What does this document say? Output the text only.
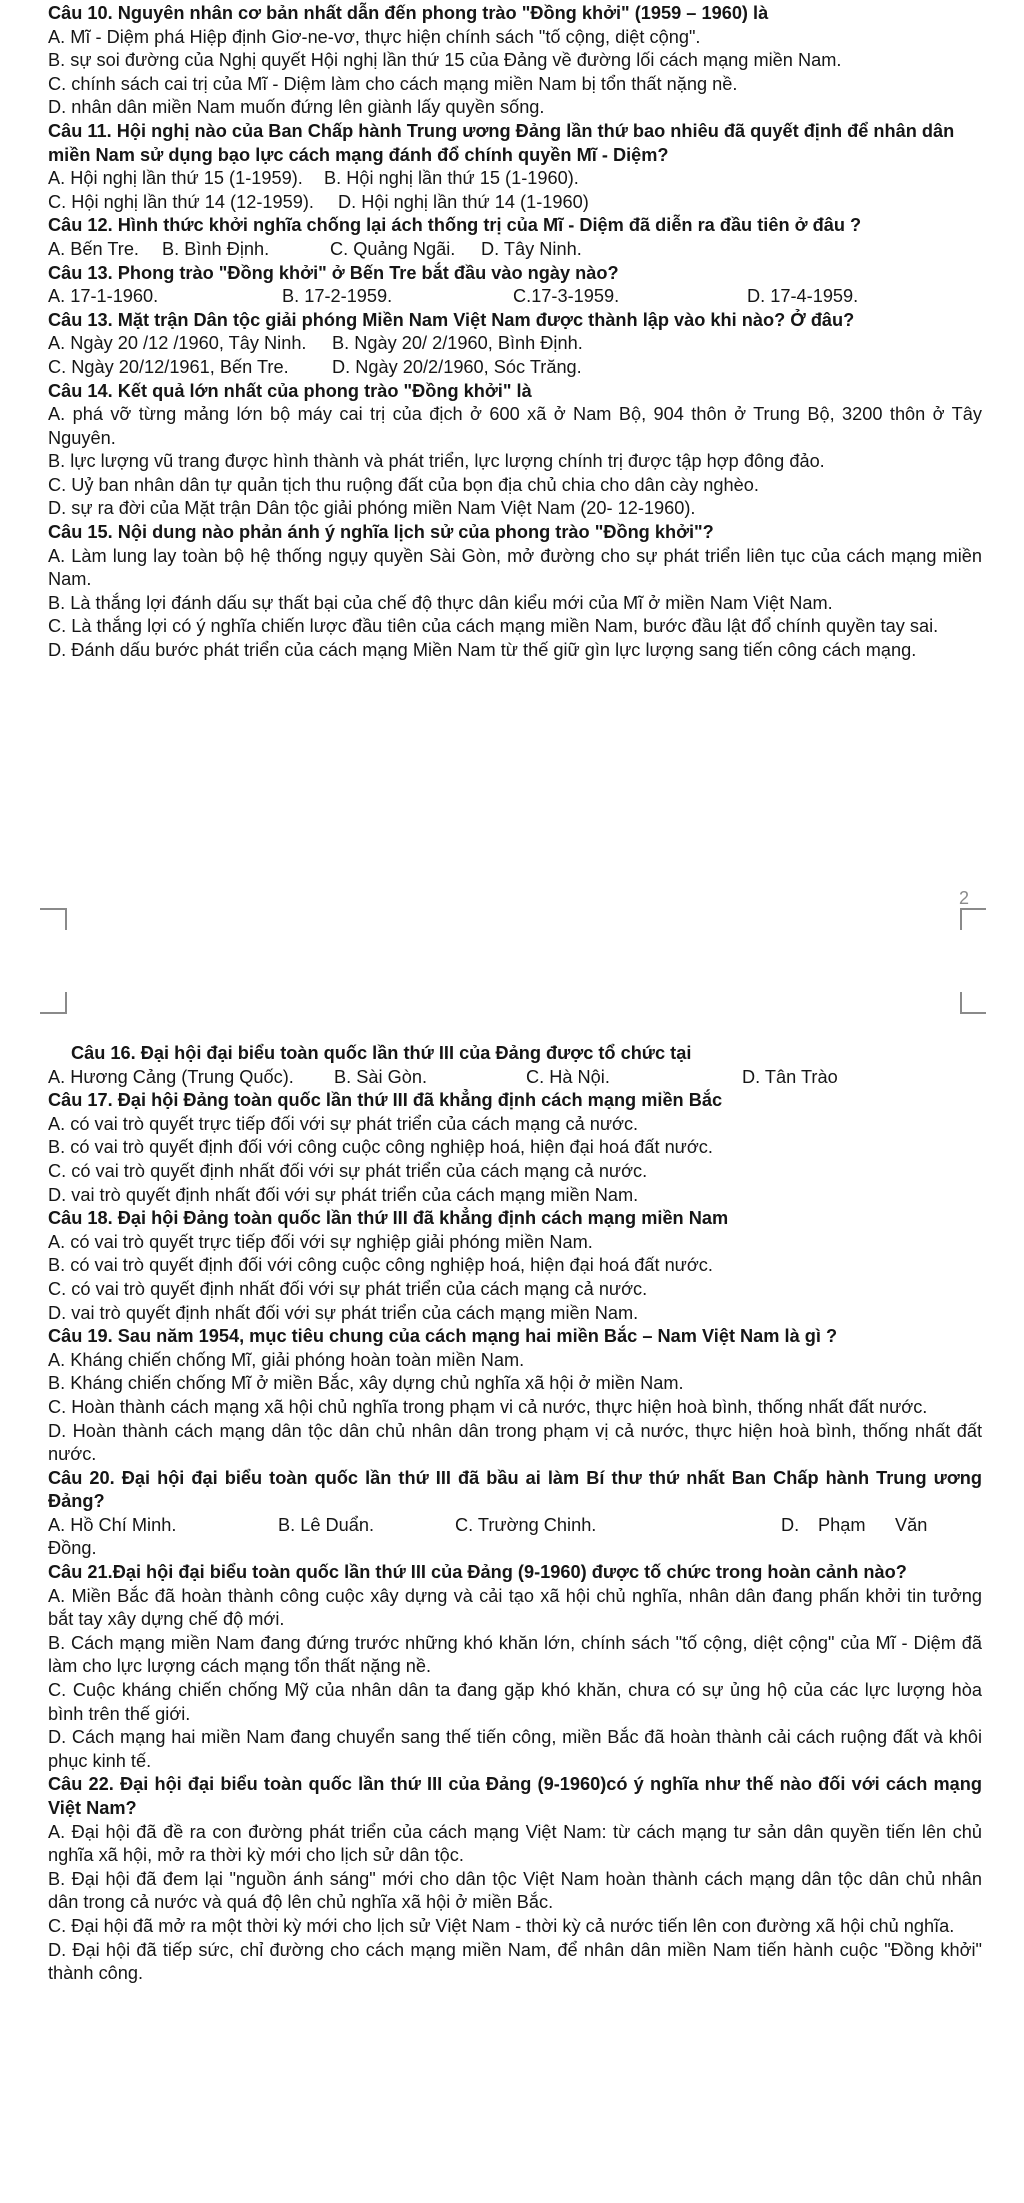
Câu 10. Nguyên nhân cơ bản nhất dẫn đến phong trào "Đồng khởi" (1959 – 1960) là

A. Mĩ - Diệm phá Hiệp định Giơ-ne-vơ, thực hiện chính sách "tố cộng, diệt cộng".

B. sự soi đường của Nghị quyết Hội nghị lần thứ 15 của Đảng về đường lối cách mạng miền Nam.

C. chính sách cai trị của Mĩ - Diệm làm cho cách mạng miền Nam bị tổn thất nặng nề.

D. nhân dân miền Nam muốn đứng lên giành lấy quyền sống.

Câu 11. Hội nghị nào của Ban Chấp hành Trung ương Đảng lần thứ bao nhiêu đã quyết định để nhân dân miền Nam sử dụng bạo lực cách mạng đánh đổ chính quyền Mĩ - Diệm?

A. Hội nghị lần thứ 15 (1-1959).	B. Hội nghị lần thứ 15 (1-1960).
C. Hội nghị lần thứ 14 (12-1959).	D. Hội nghị lần thứ 14 (1-1960)

Câu 12. Hình thức khởi nghĩa chống lại ách thống trị của Mĩ - Diệm đã diễn ra đầu tiên ở đâu ?

A. Bến Tre.	B. Bình Định.	C. Quảng Ngãi.	D. Tây Ninh.

Câu 13. Phong trào "Đồng khởi" ở Bến Tre bắt đầu vào ngày nào?

A. 17-1-1960.	B. 17-2-1959.	C.17-3-1959.	D. 17-4-1959.

Câu 13. Mặt trận Dân tộc giải phóng Miền Nam Việt Nam được thành lập vào khi nào? Ở đâu?

A. Ngày 20 /12 /1960, Tây Ninh.	B. Ngày 20/ 2/1960, Bình Định.
C. Ngày 20/12/1961, Bến Tre.	D. Ngày 20/2/1960, Sóc Trăng.

Câu 14. Kết quả lớn nhất của phong trào "Đồng khởi" là

A. phá vỡ từng mảng lớn bộ máy cai trị của địch ở 600 xã ở Nam Bộ, 904 thôn ở Trung Bộ, 3200 thôn ở Tây Nguyên.

B. lực lượng vũ trang được hình thành và phát triển, lực lượng chính trị được tập hợp đông đảo.

C. Uỷ ban nhân dân tự quản tịch thu ruộng đất của bọn địa chủ chia cho dân cày nghèo.

D. sự ra đời của Mặt trận Dân tộc giải phóng miền Nam Việt Nam (20- 12-1960).

Câu 15. Nội dung nào phản ánh ý nghĩa lịch sử của phong trào "Đồng khởi"?

A. Làm lung lay toàn bộ hệ thống ngụy quyền Sài Gòn, mở đường cho sự phát triển liên tục của cách mạng miền Nam.

B. Là thắng lợi đánh dấu sự thất bại của chế độ thực dân kiểu mới của Mĩ ở miền Nam Việt Nam.

C. Là thắng lợi có ý nghĩa chiến lược đầu tiên của cách mạng miền Nam, bước đầu lật đổ chính quyền tay sai.

D. Đánh dấu bước phát triển của cách mạng Miền Nam từ thế giữ gìn lực lượng sang tiến công cách mạng.

2

Câu 16. Đại hội đại biểu toàn quốc lần thứ III của Đảng được tổ chức tại

A. Hương Cảng (Trung Quốc).	B. Sài Gòn.	C. Hà Nội.	D. Tân Trào

Câu 17. Đại hội Đảng toàn quốc lần thứ III đã khẳng định cách mạng miền Bắc

A. có vai trò quyết trực tiếp đối với sự phát triển của cách mạng cả nước.

B. có vai trò quyết định đối với công cuộc công nghiệp hoá, hiện đại hoá đất nước.

C. có vai trò quyết định nhất đối với sự phát triển của cách mạng cả nước.

D. vai trò quyết định nhất đối với sự phát triển của cách mạng miền Nam.

Câu 18. Đại hội Đảng toàn quốc lần thứ III đã khẳng định cách mạng miền Nam

A. có vai trò quyết trực tiếp đối với sự nghiệp giải phóng miền Nam.

B. có vai trò quyết định đối với công cuộc công nghiệp hoá, hiện đại hoá đất nước.

C. có vai trò quyết định nhất đối với sự phát triển của cách mạng cả nước.

D. vai trò quyết định nhất đối với sự phát triển của cách mạng miền Nam.

Câu 19. Sau năm 1954, mục tiêu chung của cách mạng hai miền Bắc – Nam Việt Nam là gì ?

A. Kháng chiến chống Mĩ, giải phóng hoàn toàn miền Nam.

B. Kháng chiến chống Mĩ ở miền Bắc, xây dựng chủ nghĩa xã hội ở miền Nam.

C. Hoàn thành cách mạng xã hội chủ nghĩa trong phạm vi cả nước, thực hiện hoà bình, thống nhất đất nước.

D. Hoàn thành cách mạng dân tộc dân chủ nhân dân trong phạm vị cả nước, thực hiện hoà bình, thống nhất đất nước.

Câu 20. Đại hội đại biểu toàn quốc lần thứ III đã bầu ai làm Bí thư thứ nhất Ban Chấp hành Trung ương Đảng?

A. Hồ Chí Minh.	B. Lê Duẩn.	C. Trường Chinh.	D.	Phạm	Văn

Đồng.

Câu 21.Đại hội đại biểu toàn quốc lần thứ III của Đảng (9-1960) được tố chức trong hoàn cảnh nào?

A. Miền Bắc đã hoàn thành công cuộc xây dựng và cải tạo xã hội chủ nghĩa, nhân dân đang phấn khởi tin tưởng bắt tay xây dựng chế độ mới.

B. Cách mạng miền Nam đang đứng trước những khó khăn lớn, chính sách "tố cộng, diệt cộng" của Mĩ - Diệm đã làm cho lực lượng cách mạng tổn thất nặng nề.

C. Cuộc kháng chiến chống Mỹ của nhân dân ta đang gặp khó khăn, chưa có sự ủng hộ của các lực lượng hòa bình trên thế giới.

D. Cách mạng hai miền Nam đang chuyển sang thế tiến công, miền Bắc đã hoàn thành cải cách ruộng đất và khôi phục kinh tế.

Câu 22. Đại hội đại biểu toàn quốc lần thứ III của Đảng (9-1960)có ý nghĩa như thế nào đối với cách mạng Việt Nam?

A. Đại hội đã đề ra con đường phát triển của cách mạng Việt Nam: từ cách mạng tư sản dân quyền tiến lên chủ nghĩa xã hội, mở ra thời kỳ mới cho lịch sử dân tộc.

B. Đại hội đã đem lại "nguồn ánh sáng" mới cho dân tộc Việt Nam hoàn thành cách mạng dân tộc dân chủ nhân dân trong cả nước và quá độ lên chủ nghĩa xã hội ở miền Bắc.

C. Đại hội đã mở ra một thời kỳ mới cho lịch sử Việt Nam - thời kỳ cả nước tiến lên con đường xã hội chủ nghĩa.

D. Đại hội đã tiếp sức, chỉ đường cho cách mạng miền Nam, để nhân dân miền Nam tiến hành cuộc "Đồng khởi" thành công.
